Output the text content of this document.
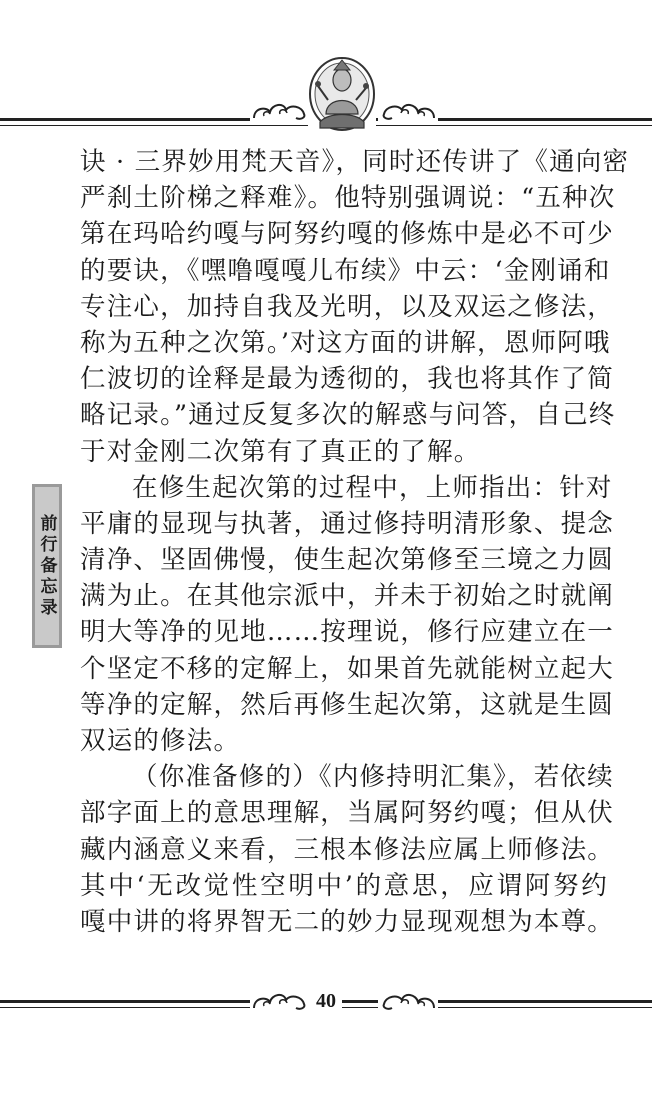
前行备忘录
诀 · 三界妙用梵天音》，同时还传讲了《通向密
严刹土阶梯之释难》。他特别强调说：“五种次
第在玛哈约嘎与阿努约嘎的修炼中是必不可少
的要诀，《嘿噜嘎嘎儿布续》中云：‘金刚诵和
专注心，加持自我及光明，以及双运之修法，
称为五种之次第。’对这方面的讲解，恩师阿哦
仁波切的诠释是最为透彻的，我也将其作了简
略记录。”通过反复多次的解惑与问答，自己终
于对金刚二次第有了真正的了解。
在修生起次第的过程中，上师指出：针对
平庸的显现与执著，通过修持明清形象、提念
清净、坚固佛慢，使生起次第修至三境之力圆
满为止。在其他宗派中，并未于初始之时就阐
明大等净的见地……按理说，修行应建立在一
个坚定不移的定解上，如果首先就能树立起大
等净的定解，然后再修生起次第，这就是生圆
双运的修法。
（你准备修的）《内修持明汇集》，若依续
部字面上的意思理解，当属阿努约嘎；但从伏
藏内涵意义来看，三根本修法应属上师修法。
其中‘无改觉性空明中’的意思，应谓阿努约
嘎中讲的将界智无二的妙力显现观想为本尊。
40
